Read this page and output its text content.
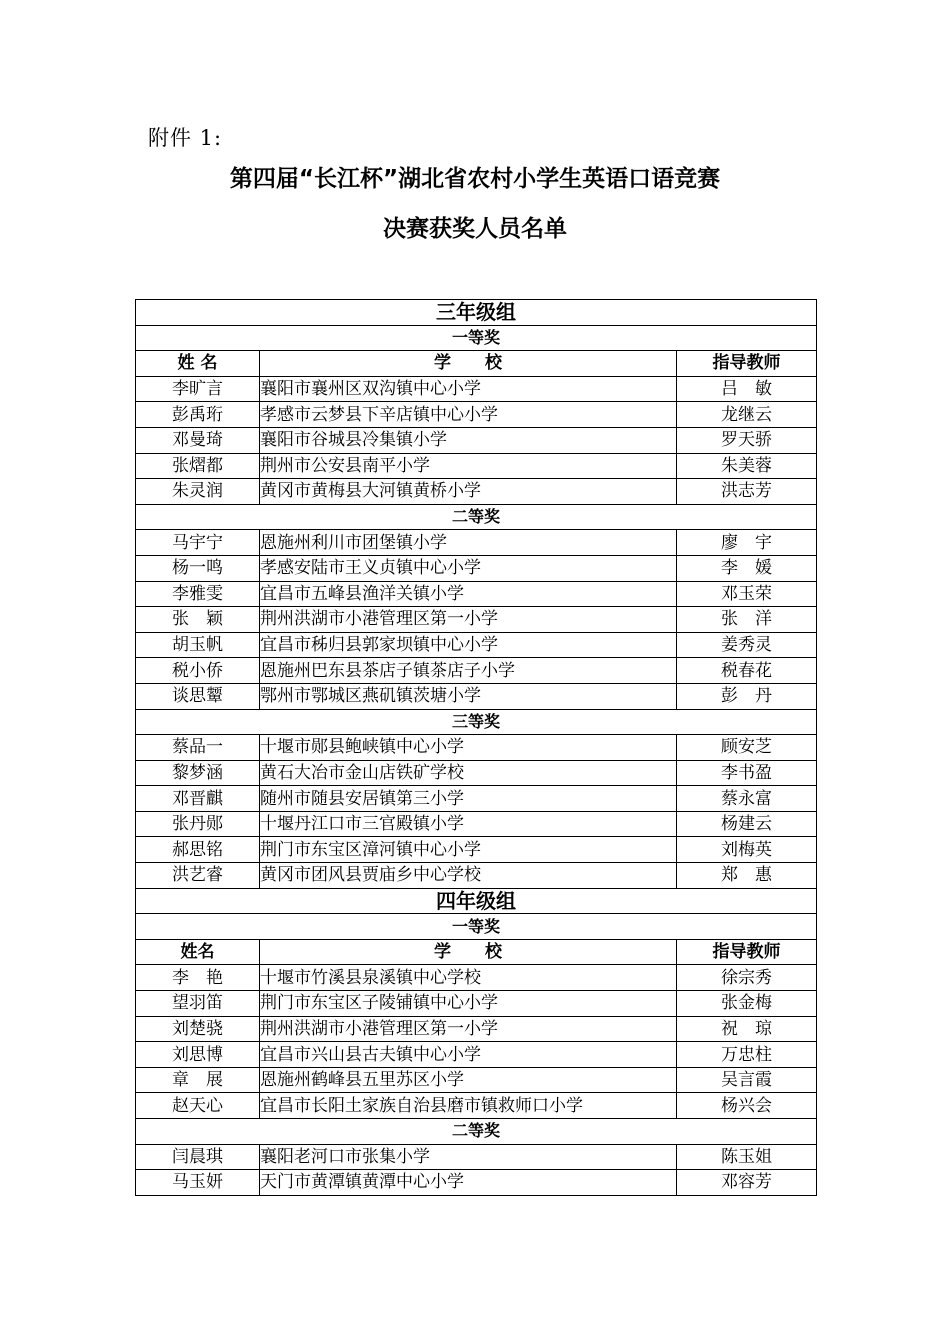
附件 1:
第四届“长江杯”湖北省农村小学生英语口语竞赛
决赛获奖人员名单
三年级组		
一等奖		
姓 名	学　　校	指导教师
李旷言	襄阳市襄州区双沟镇中心小学	吕　敏
彭禹珩	孝感市云梦县下辛店镇中心小学	龙继云
邓曼琦	襄阳市谷城县冷集镇小学	罗天骄
张熠都	荆州市公安县南平小学	朱美蓉
朱灵润	黄冈市黄梅县大河镇黄桥小学	洪志芳
二等奖		
马宇宁	恩施州利川市团堡镇小学	廖　宇
杨一鸣	孝感安陆市王义贞镇中心小学	李　媛
李雅雯	宜昌市五峰县渔洋关镇小学	邓玉荣
张　颖	荆州洪湖市小港管理区第一小学	张　洋
胡玉帆	宜昌市秭归县郭家坝镇中心小学	姜秀灵
税小侨	恩施州巴东县茶店子镇茶店子小学	税春花
谈思颦	鄂州市鄂城区燕矶镇茨塘小学	彭　丹
三等奖		
蔡品一	十堰市郧县鲍峡镇中心小学	顾安芝
黎梦涵	黄石大冶市金山店铁矿学校	李书盈
邓晋麒	随州市随县安居镇第三小学	蔡永富
张丹郧	十堰丹江口市三官殿镇小学	杨建云
郝思铭	荆门市东宝区漳河镇中心小学	刘梅英
洪艺睿	黄冈市团风县贾庙乡中心学校	郑　惠
四年级组		
一等奖		
姓名	学　　校	指导教师
李　艳	十堰市竹溪县泉溪镇中心学校	徐宗秀
望羽笛	荆门市东宝区子陵铺镇中心小学	张金梅
刘楚骁	荆州洪湖市小港管理区第一小学	祝　琼
刘思博	宜昌市兴山县古夫镇中心小学	万忠柱
章　展	恩施州鹤峰县五里苏区小学	吴言霞
赵天心	宜昌市长阳土家族自治县磨市镇救师口小学	杨兴会
二等奖		
闫晨琪	襄阳老河口市张集小学	陈玉姐
马玉妍	天门市黄潭镇黄潭中心小学	邓容芳
